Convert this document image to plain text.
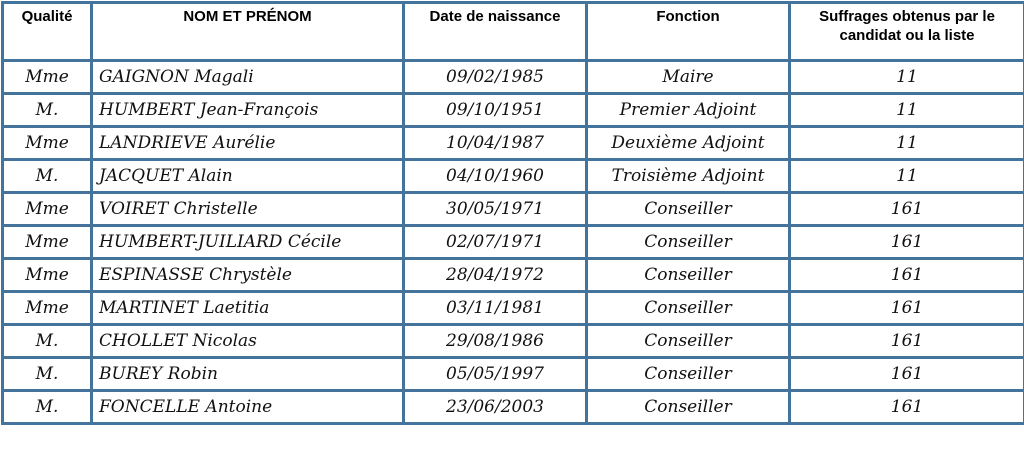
Qualité	NOM ET PRÉNOM	Date de naissance	Fonction	Suffrages obtenus par le candidat ou la liste
Mme	GAIGNON Magali	09/02/1985	Maire	11
M.	HUMBERT Jean-François	09/10/1951	Premier Adjoint	11
Mme	LANDRIEVE Aurélie	10/04/1987	Deuxième Adjoint	11
M.	JACQUET Alain	04/10/1960	Troisième Adjoint	11
Mme	VOIRET Christelle	30/05/1971	Conseiller	161
Mme	HUMBERT-JUILIARD Cécile	02/07/1971	Conseiller	161
Mme	ESPINASSE Chrystèle	28/04/1972	Conseiller	161
Mme	MARTINET Laetitia	03/11/1981	Conseiller	161
M.	CHOLLET Nicolas	29/08/1986	Conseiller	161
M.	BUREY Robin	05/05/1997	Conseiller	161
M.	FONCELLE Antoine	23/06/2003	Conseiller	161
